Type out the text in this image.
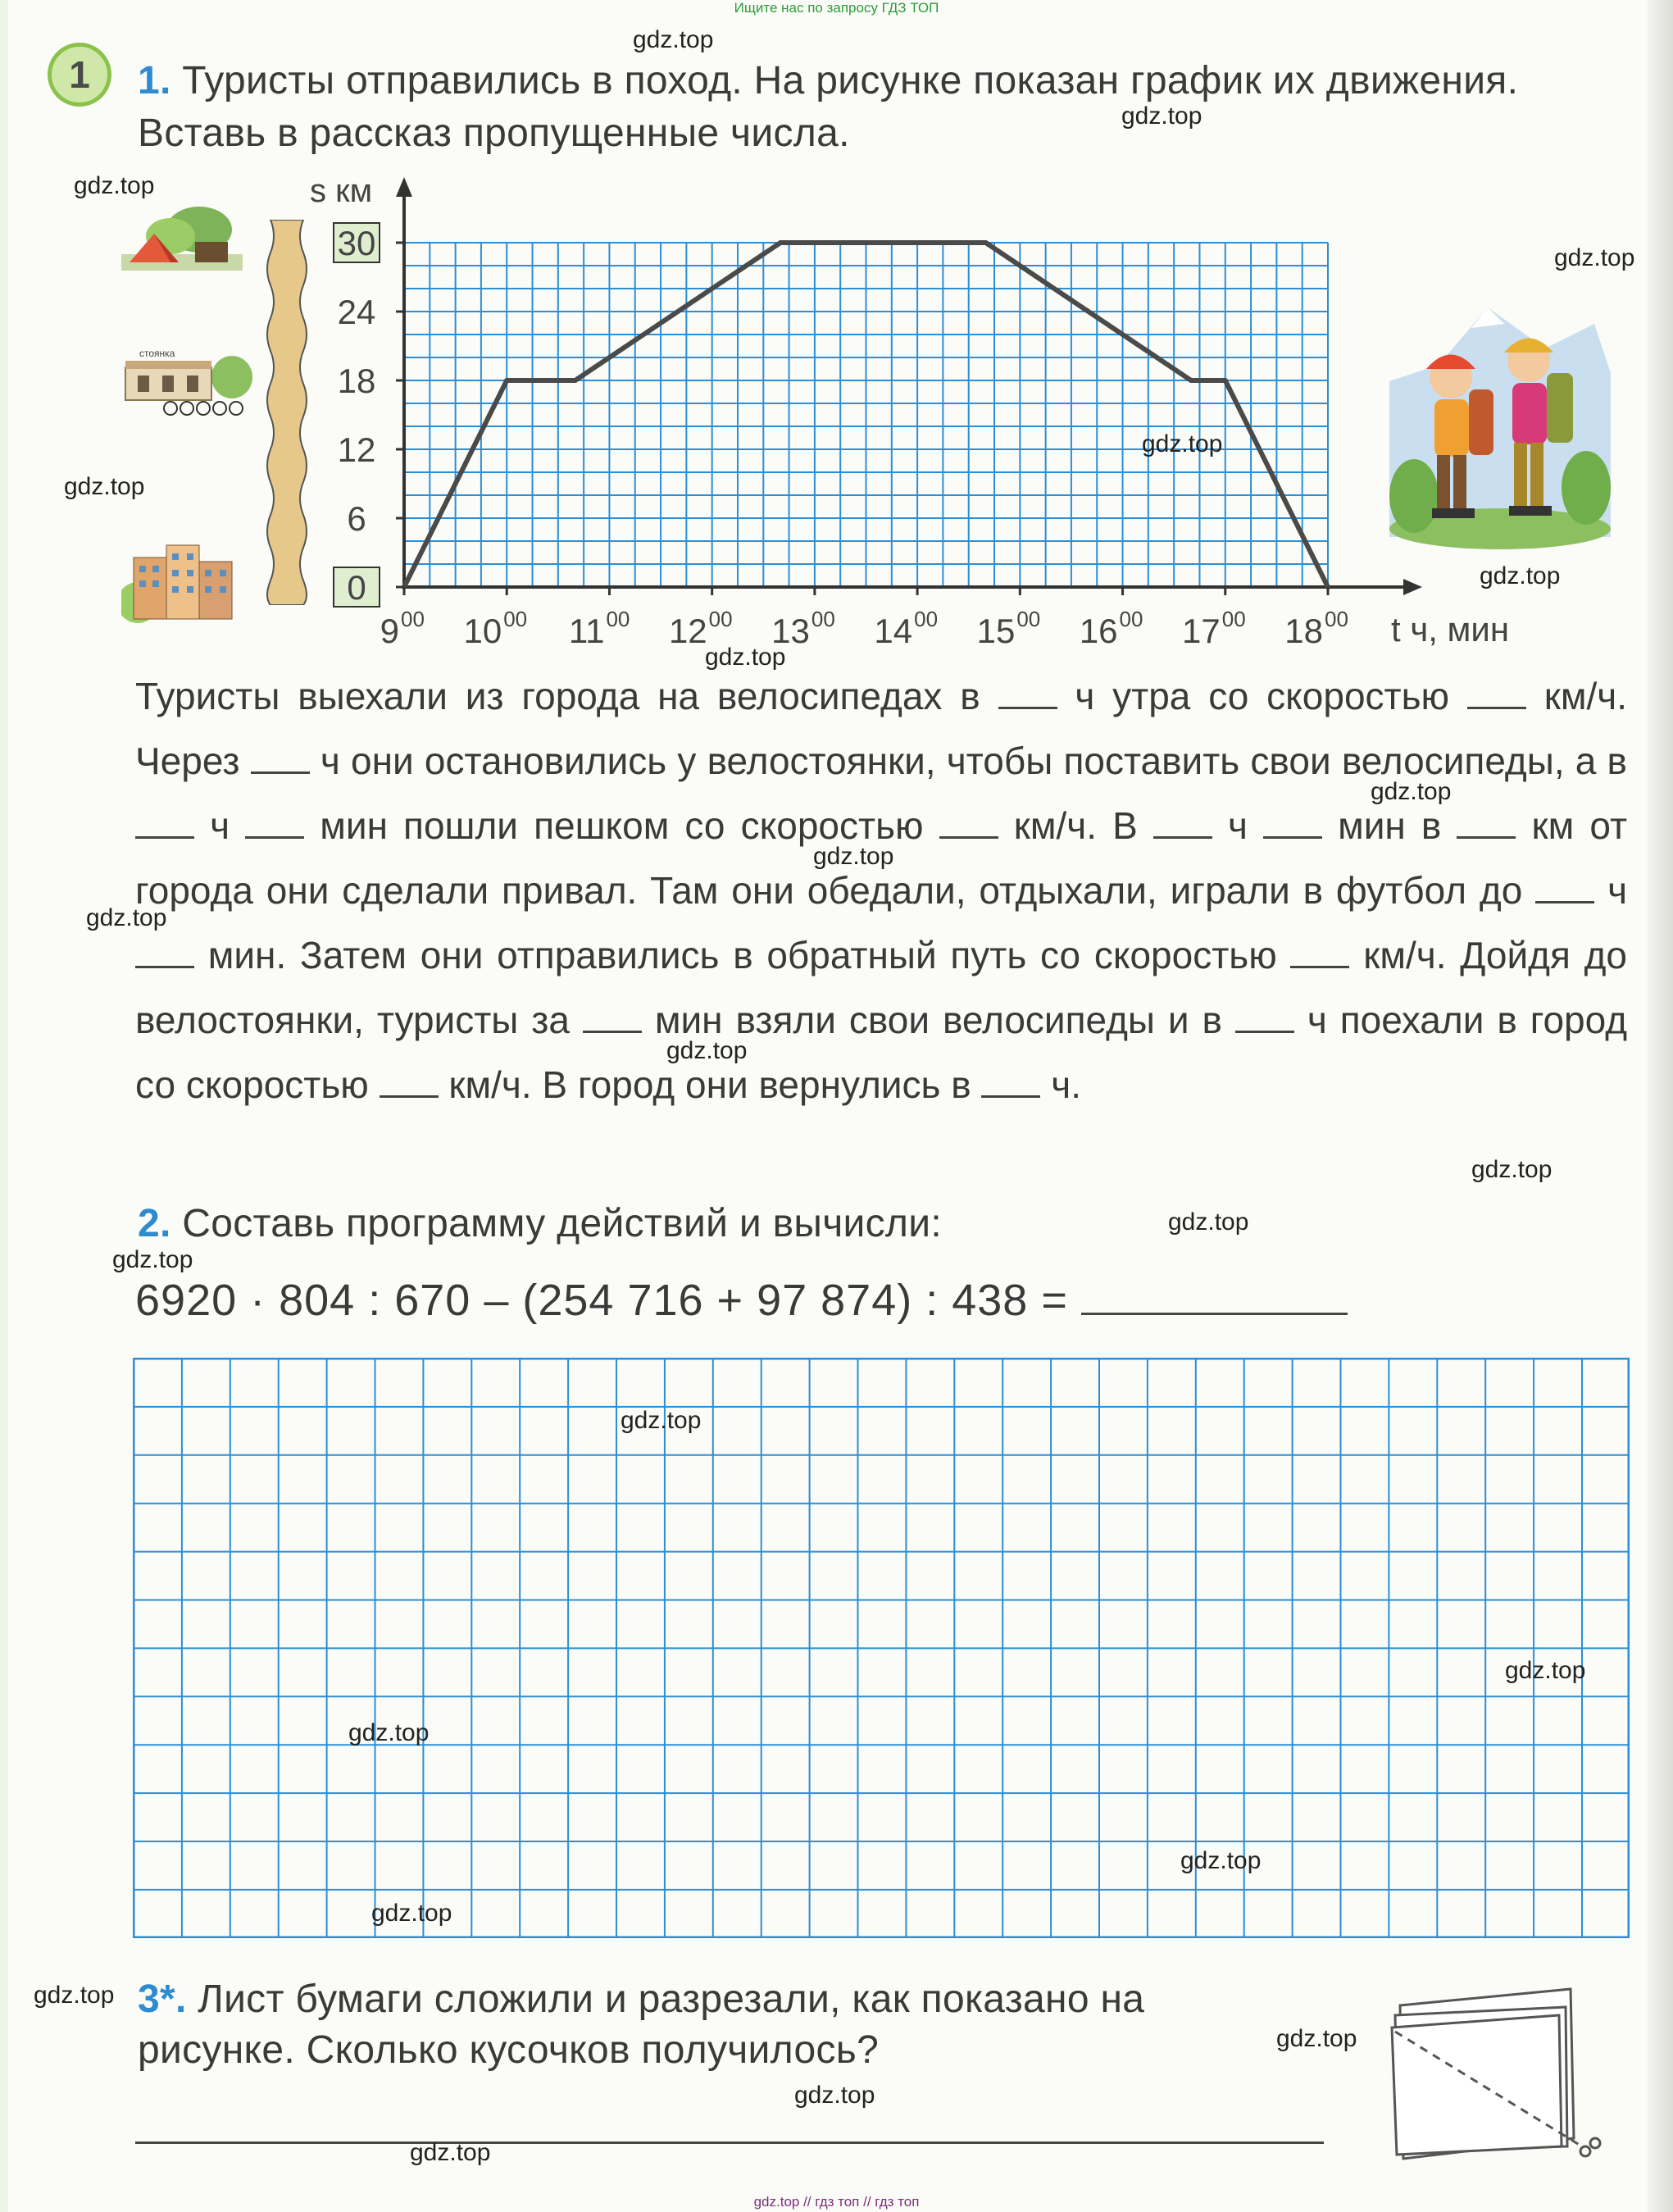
Ищите нас по запросу ГДЗ ТОП
gdz.top // гдз топ // гдз топ
1	1. Туристы отправились в поход. На рисунке показан график их движения.
Вставь в рассказ пропущенные числа.
стоянка
30
24
18
12
6
0
9 00 10 00 11 00 12 00 13 00 14 00 15 00 16 00 17 00 18 00
s км
t ч, мин
Туристы выехали из города на велосипедах в	ч утра со скоростью	км/ч. Через ч они остановились у велостоянки, чтобы поставить свои велосипеды, а в  ч мин пошли пешком со скоростью км/ч. В ч мин в км от города они сделали привал. Там они обедали, отдыхали, играли в футбол до ч  мин. Затем они отправились в обратный путь со скоростью км/ч. Дойдя до велостоянки, туристы за мин взяли свои велосипеды и в ч поехали в город со скоростью км/ч. В город они вернулись в ч.
2. Составь программу действий и вычисли:
6920 · 804 : 670 – (254 716 + 97 874) : 438 =
3*. Лист бумаги сложили и разрезали, как показано на
рисунке. Сколько кусочков получилось?
gdz.top
gdz.top
gdz.top
gdz.top
gdz.top
gdz.top
gdz.top
gdz.top
gdz.top
gdz.top
gdz.top
gdz.top
gdz.top
gdz.top
gdz.top
gdz.top
gdz.top
gdz.top
gdz.top
gdz.top
gdz.top
gdz.top
gdz.top
gdz.top
